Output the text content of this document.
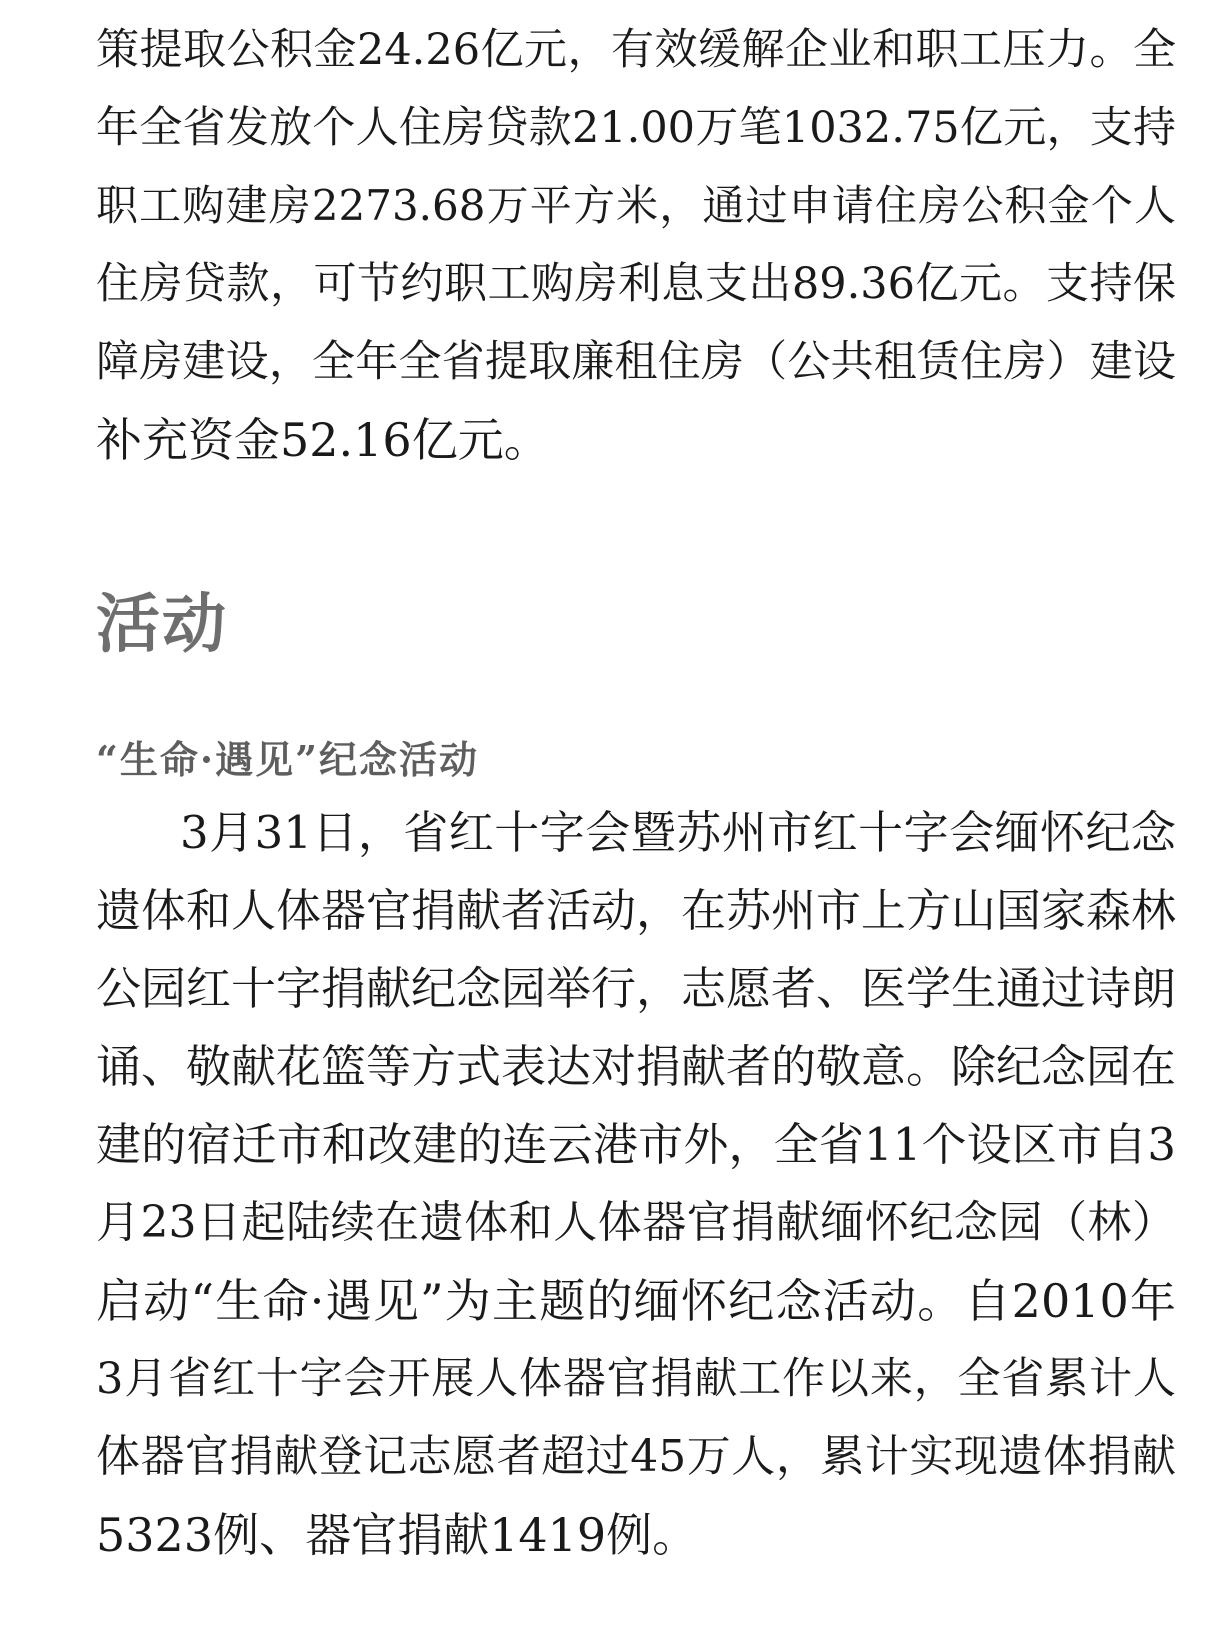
策提取公积金24.26亿元，有效缓解企业和职工压力。全
年全省发放个人住房贷款21.00万笔1032.75亿元，支持
职工购建房2273.68万平方米，通过申请住房公积金个人
住房贷款，可节约职工购房利息支出89.36亿元。支持保
障房建设，全年全省提取廉租住房（公共租赁住房）建设
补充资金52.16亿元。
活动
“生命·遇见”纪念活动
3月31日，省红十字会暨苏州市红十字会缅怀纪念
遗体和人体器官捐献者活动，在苏州市上方山国家森林
公园红十字捐献纪念园举行，志愿者、医学生通过诗朗
诵、敬献花篮等方式表达对捐献者的敬意。除纪念园在
建的宿迁市和改建的连云港市外，全省11个设区市自3
月23日起陆续在遗体和人体器官捐献缅怀纪念园（林）
启动“生命·遇见”为主题的缅怀纪念活动。自2010年
3月省红十字会开展人体器官捐献工作以来，全省累计人
体器官捐献登记志愿者超过45万人，累计实现遗体捐献
5323例、器官捐献1419例。
